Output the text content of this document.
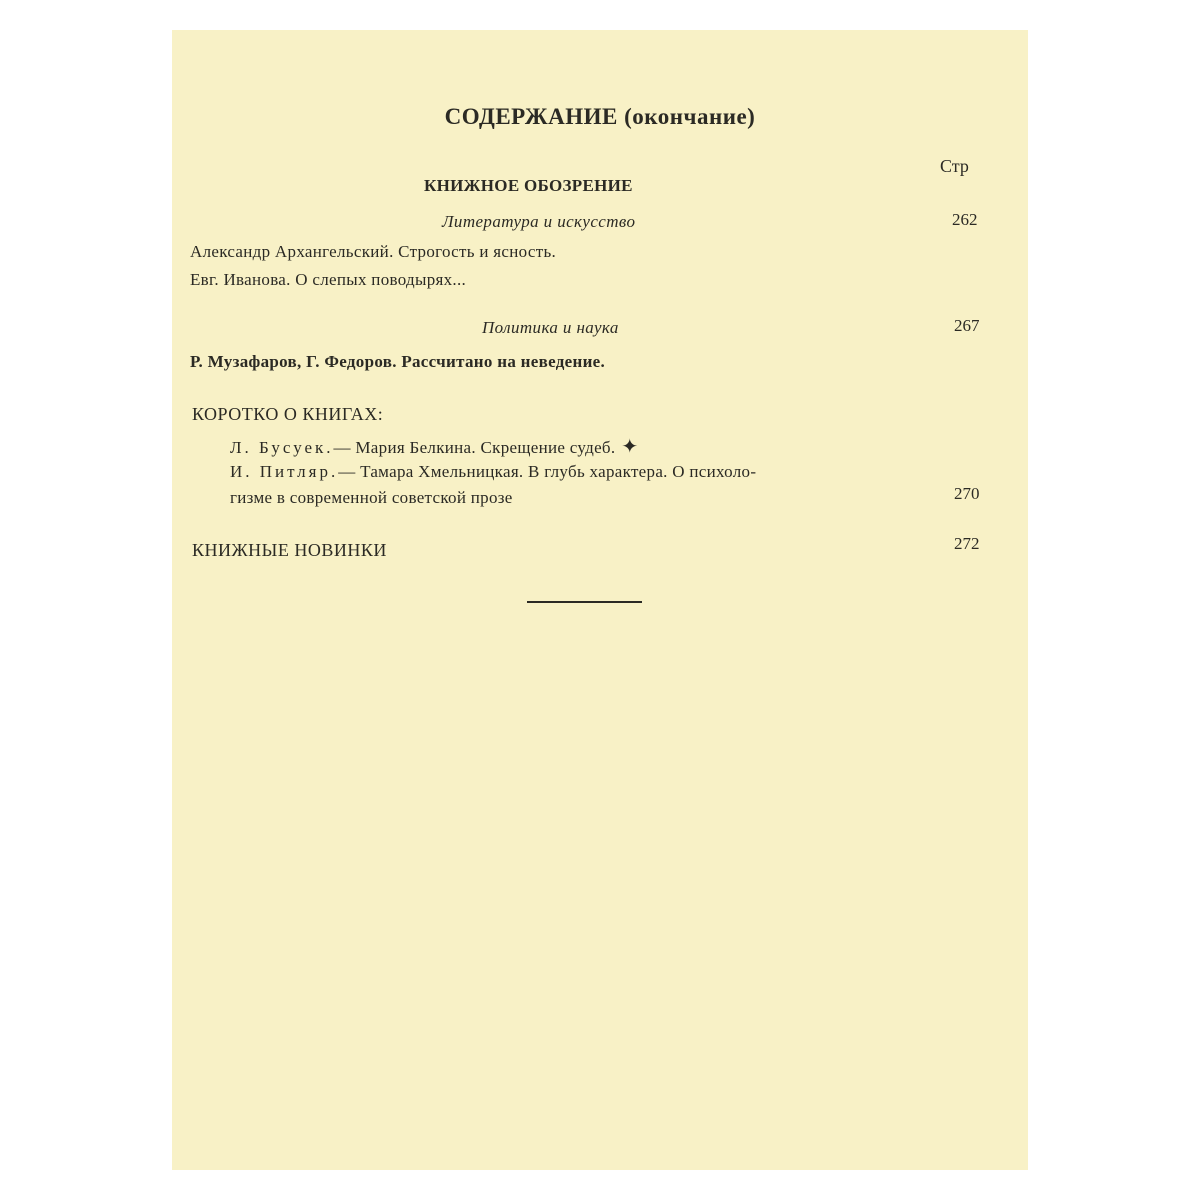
СОДЕРЖАНИЕ (окончание)
Стр
КНИЖНОЕ ОБОЗРЕНИЕ
Литература и искусство	262
Александр Архангельский. Строгость и ясность.
Евг. Иванова. О слепых поводырях...
Политика и наука	267
Р. Музафаров, Г. Федоров. Рассчитано на неведение.
КОРОТКО О КНИГАХ:
Л. Бусуек.— Мария Белкина. Скрещение судеб. ✦
И. Питляр.— Тамара Хмельницкая. В глубь характера. О психоло-
гизме в современной советской прозе	270
КНИЖНЫЕ НОВИНКИ	272
